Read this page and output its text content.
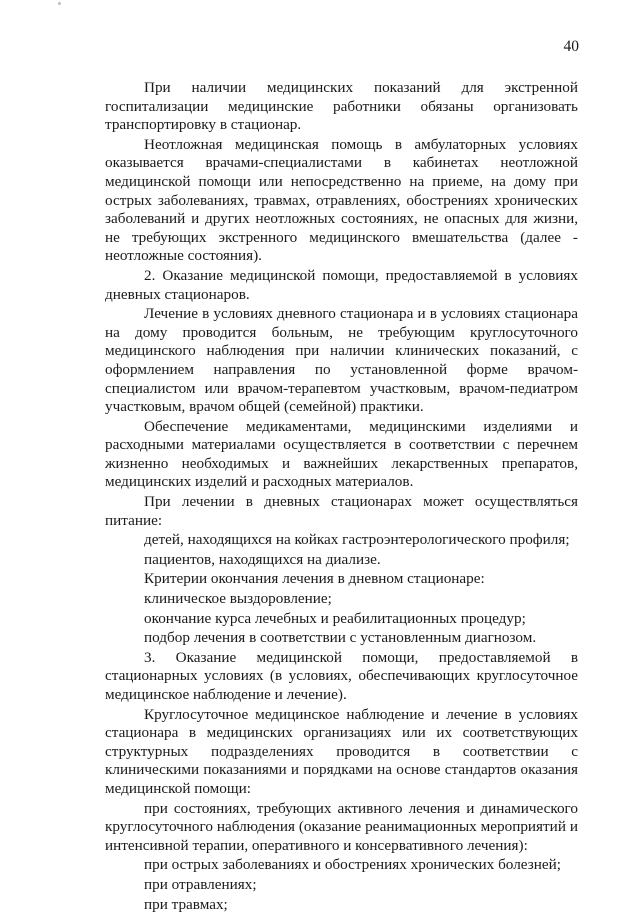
40

При наличии медицинских показаний для экстренной госпитализации медицинские работники обязаны организовать транспортировку в стационар.

Неотложная медицинская помощь в амбулаторных условиях оказывается врачами-специалистами в кабинетах неотложной медицинской помощи или непосредственно на приеме, на дому при острых заболеваниях, травмах, отравлениях, обострениях хронических заболеваний и других неотложных состояниях, не опасных для жизни, не требующих экстренного медицинского вмешательства (далее - неотложные состояния).

2. Оказание медицинской помощи, предоставляемой в условиях дневных стационаров.

Лечение в условиях дневного стационара и в условиях стационара на дому проводится больным, не требующим круглосуточного медицинского наблюдения при наличии клинических показаний, с оформлением направления по установленной форме врачом-специалистом или врачом-терапевтом участковым, врачом-педиатром участковым, врачом общей (семейной) практики.

Обеспечение медикаментами, медицинскими изделиями и расходными материалами осуществляется в соответствии с перечнем жизненно необходимых и важнейших лекарственных препаратов, медицинских изделий и расходных материалов.

При лечении в дневных стационарах может осуществляться питание:

детей, находящихся на койках гастроэнтерологического профиля;

пациентов, находящихся на диализе.

Критерии окончания лечения в дневном стационаре:

клиническое выздоровление;

окончание курса лечебных и реабилитационных процедур;

подбор лечения в соответствии с установленным диагнозом.

3. Оказание медицинской помощи, предоставляемой в стационарных условиях (в условиях, обеспечивающих круглосуточное медицинское наблюдение и лечение).

Круглосуточное медицинское наблюдение и лечение в условиях стационара в медицинских организациях или их соответствующих структурных подразделениях проводится в соответствии с клиническими показаниями и порядками на основе стандартов оказания медицинской помощи:

при состояниях, требующих активного лечения и динамического круглосуточного наблюдения (оказание реанимационных мероприятий и интенсивной терапии, оперативного и консервативного лечения):

при острых заболеваниях и обострениях хронических болезней;

при отравлениях;

при травмах;
